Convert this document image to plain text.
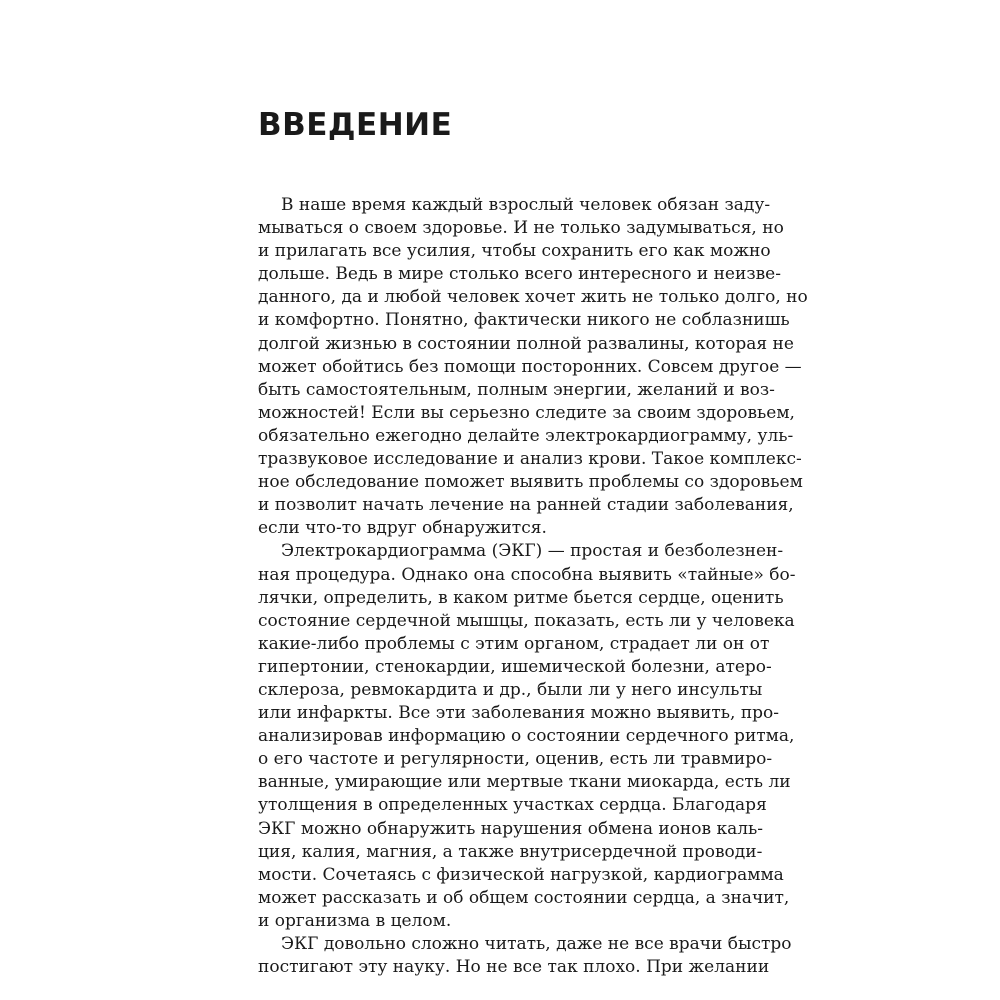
ВВЕДЕНИЕ
В наше время каждый взрослый человек обязан заду-
мываться о своем здоровье. И не только задумываться, но
и прилагать все усилия, чтобы сохранить его как можно
дольше. Ведь в мире столько всего интересного и неизве-
данного, да и любой человек хочет жить не только долго, но
и комфортно. Понятно, фактически никого не соблазнишь
долгой жизнью в состоянии полной развалины, которая не
может обойтись без помощи посторонних. Совсем другое —
быть самостоятельным, полным энергии, желаний и воз-
можностей! Если вы серьезно следите за своим здоровьем,
обязательно ежегодно делайте электрокардиограмму, уль-
тразвуковое исследование и анализ крови. Такое комплекс-
ное обследование поможет выявить проблемы со здоровьем
и позволит начать лечение на ранней стадии заболевания,
если что-то вдруг обнаружится.
Электрокардиограмма (ЭКГ) — простая и безболезнен-
ная процедура. Однако она способна выявить «тайные» бо-
лячки, определить, в каком ритме бьется сердце, оценить
состояние сердечной мышцы, показать, есть ли у человека
какие-либо проблемы с этим органом, страдает ли он от
гипертонии, стенокардии, ишемической болезни, атеро-
склероза, ревмокардита и др., были ли у него инсульты
или инфаркты. Все эти заболевания можно выявить, про-
анализировав информацию о состоянии сердечного ритма,
о его частоте и регулярности, оценив, есть ли травмиро-
ванные, умирающие или мертвые ткани миокарда, есть ли
утолщения в определенных участках сердца. Благодаря
ЭКГ можно обнаружить нарушения обмена ионов каль-
ция, калия, магния, а также внутрисердечной проводи-
мости. Сочетаясь с физической нагрузкой, кардиограмма
может рассказать и об общем состоянии сердца, а значит,
и организма в целом.
ЭКГ довольно сложно читать, даже не все врачи быстро
постигают эту науку. Но не все так плохо. При желании
